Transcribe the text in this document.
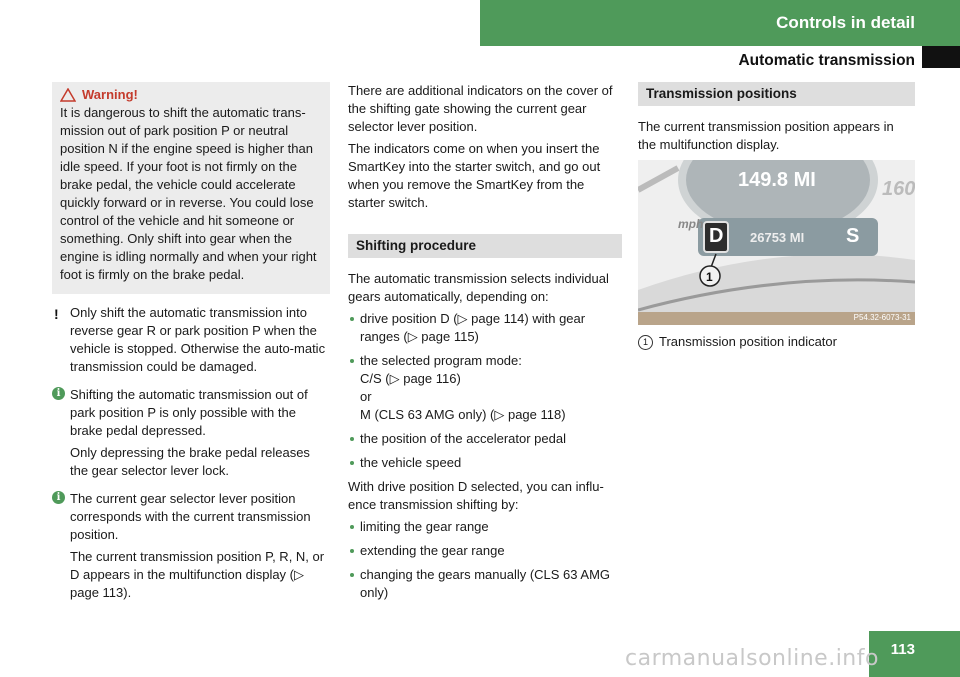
Controls in detail
Automatic transmission
Warning!

It is dangerous to shift the automatic trans-mission out of park position P or neutral position N if the engine speed is higher than idle speed. If your foot is not firmly on the brake pedal, the vehicle could accelerate quickly forward or in reverse. You could lose control of the vehicle and hit someone or something. Only shift into gear when the engine is idling normally and when your right foot is firmly on the brake pedal.

! Only shift the automatic transmission into reverse gear R or park position P when the vehicle is stopped. Otherwise the auto-matic transmission could be damaged.

i Shifting the automatic transmission out of park position P is only possible with the brake pedal depressed.

Only depressing the brake pedal releases the gear selector lever lock.

i The current gear selector lever position corresponds with the current transmission position.

The current transmission position P, R, N, or D appears in the multifunction display (▷ page 113).

There are additional indicators on the cover of the shifting gate showing the current gear selector lever position.

The indicators come on when you insert the SmartKey into the starter switch, and go out when you remove the SmartKey from the starter switch.

Shifting procedure

The automatic transmission selects individual gears automatically, depending on:

drive position D (▷ page 114) with gear ranges (▷ page 115)
the selected program mode:
C/S (▷ page 116)
or
M (CLS 63 AMG only) (▷ page 118)
the position of the accelerator pedal
the vehicle speed

With drive position D selected, you can influ-ence transmission shifting by:

limiting the gear range
extending the gear range
changing the gears manually (CLS 63 AMG only)
Transmission positions

The current transmission position appears in the multifunction display.

149.8 MI
mph
160
D 26753 MI S
1
P54.32-6073-31
1 Transmission position indicator
113
carmanualsonline.info
